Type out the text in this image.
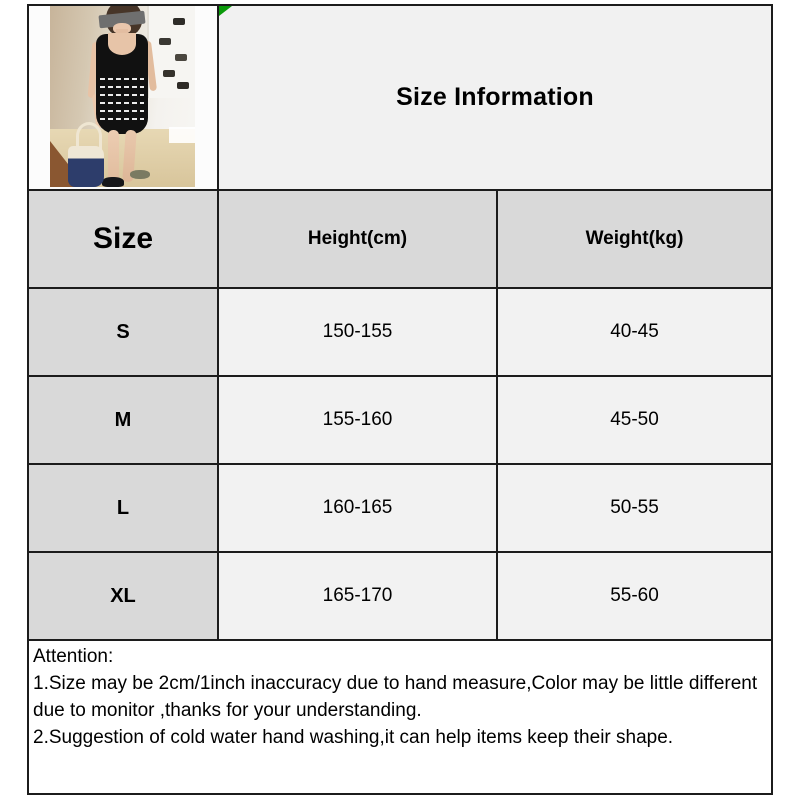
Size Information
Size	Height(cm)	Weight(kg)
S	150-155	40-45
M	155-160	45-50
L	160-165	50-55
XL	165-170	55-60
Attention:
1.Size may be 2cm/1inch inaccuracy due to hand measure,Color may be little different due to monitor ,thanks for your understanding.
2.Suggestion of cold water hand washing,it can help items keep their shape.
